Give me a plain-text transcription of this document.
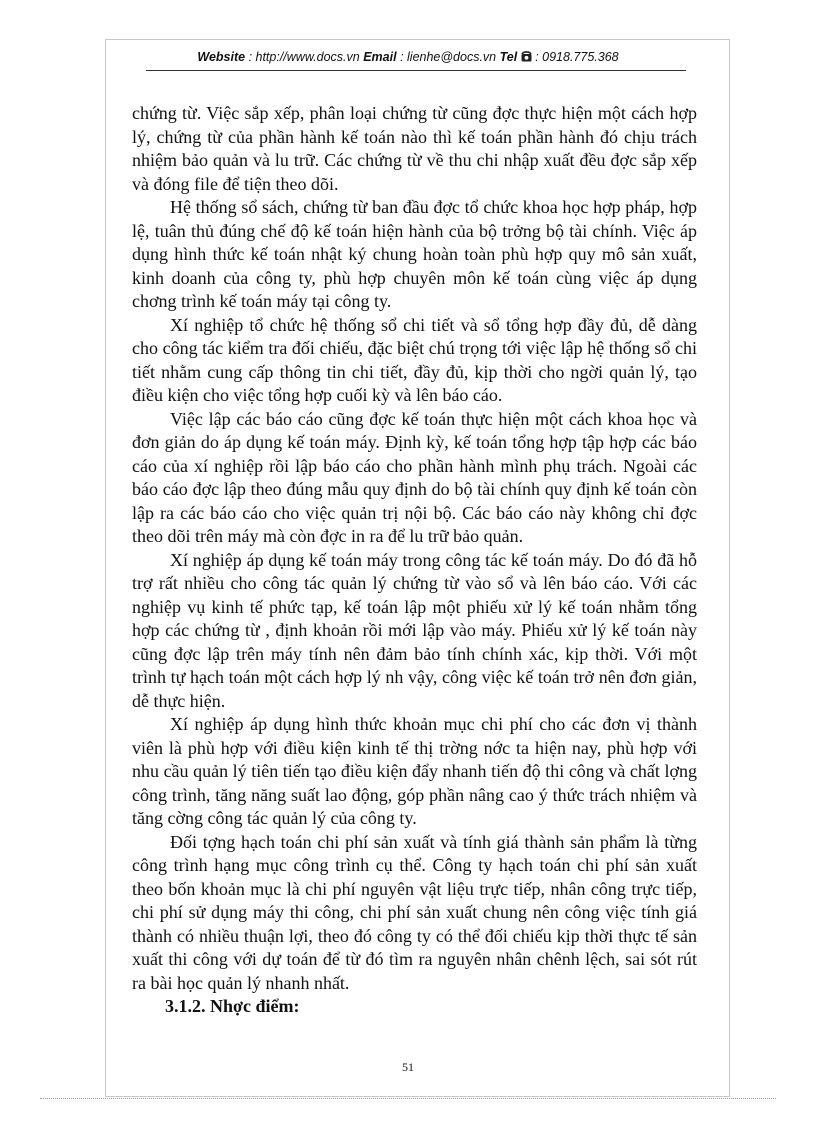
Website : http://www.docs.vn Email : lienhe@docs.vn Tel : 0918.775.368

chứng từ. Việc sắp xếp, phân loại chứng từ cũng đợc thực hiện một cách hợp lý, chứng từ của phần hành kế toán nào thì kế toán phần hành đó chịu trách nhiệm bảo quản và lu trữ. Các chứng từ về thu chi nhập xuất đều đợc sắp xếp và đóng file để tiện theo dõi.

Hệ thống sổ sách, chứng từ ban đầu đợc tổ chức khoa học hợp pháp, hợp lệ, tuân thủ đúng chế độ kế toán hiện hành của bộ trởng bộ tài chính. Việc áp dụng hình thức kế toán nhật ký chung hoàn toàn phù hợp quy mô sản xuất, kinh doanh của công ty, phù hợp chuyên môn kế toán cùng việc áp dụng chơng trình kế toán máy tại công ty.

Xí nghiệp tổ chức hệ thống sổ chi tiết và sổ tổng hợp đầy đủ, dễ dàng cho công tác kiểm tra đối chiếu, đặc biệt chú trọng tới việc lập hệ thống sổ chi tiết nhằm cung cấp thông tin chi tiết, đầy đủ, kịp thời cho ngời quản lý, tạo điều kiện cho việc tổng hợp cuối kỳ và lên báo cáo.

Việc lập các báo cáo cũng đợc kế toán thực hiện một cách khoa học và đơn giản do áp dụng kế toán máy. Định kỳ, kế toán tổng hợp tập hợp các báo cáo của xí nghiệp rồi lập báo cáo cho phần hành mình phụ trách. Ngoài các báo cáo đợc lập theo đúng mẫu quy định do bộ tài chính quy định kế toán còn lập ra các báo cáo cho việc quản trị nội bộ. Các báo cáo này không chỉ đợc theo dõi trên máy mà còn đợc in ra để lu trữ bảo quản.

Xí nghiệp áp dụng kế toán máy trong công tác kế toán máy. Do đó đã hỗ trợ rất nhiều cho công tác quản lý chứng từ vào sổ và lên báo cáo. Với các nghiệp vụ kinh tế phức tạp, kế toán lập một phiếu xử lý kế toán nhằm tổng hợp các chứng từ , định khoản rồi mới lập vào máy. Phiếu xử lý kế toán này cũng đợc lập trên máy tính nên đảm bảo tính chính xác, kịp thời. Với một trình tự hạch toán một cách hợp lý nh vậy, công việc kế toán trở nên đơn giản, dễ thực hiện.

Xí nghiệp áp dụng hình thức khoản mục chi phí cho các đơn vị thành viên là phù hợp với điều kiện kinh tế thị trờng nớc ta hiện nay, phù hợp với nhu cầu quản lý tiên tiến tạo điều kiện đẩy nhanh tiến độ thi công và chất lợng công trình, tăng năng suất lao động, góp phần nâng cao ý thức trách nhiệm và tăng cờng công tác quản lý của công ty.

Đối tợng hạch toán chi phí sản xuất và tính giá thành sản phẩm là từng công trình hạng mục công trình cụ thể. Công ty hạch toán chi phí sản xuất theo bốn khoản mục là chi phí nguyên vật liệu trực tiếp, nhân công trực tiếp, chi phí sử dụng máy thi công, chi phí sản xuất chung nên công việc tính giá thành có nhiều thuận lợi, theo đó công ty có thể đối chiếu kịp thời thực tế sản xuất thi công với dự toán để từ đó tìm ra nguyên nhân chênh lệch, sai sót rút ra bài học quản lý nhanh nhất.

3.1.2. Nhợc điểm:
51
